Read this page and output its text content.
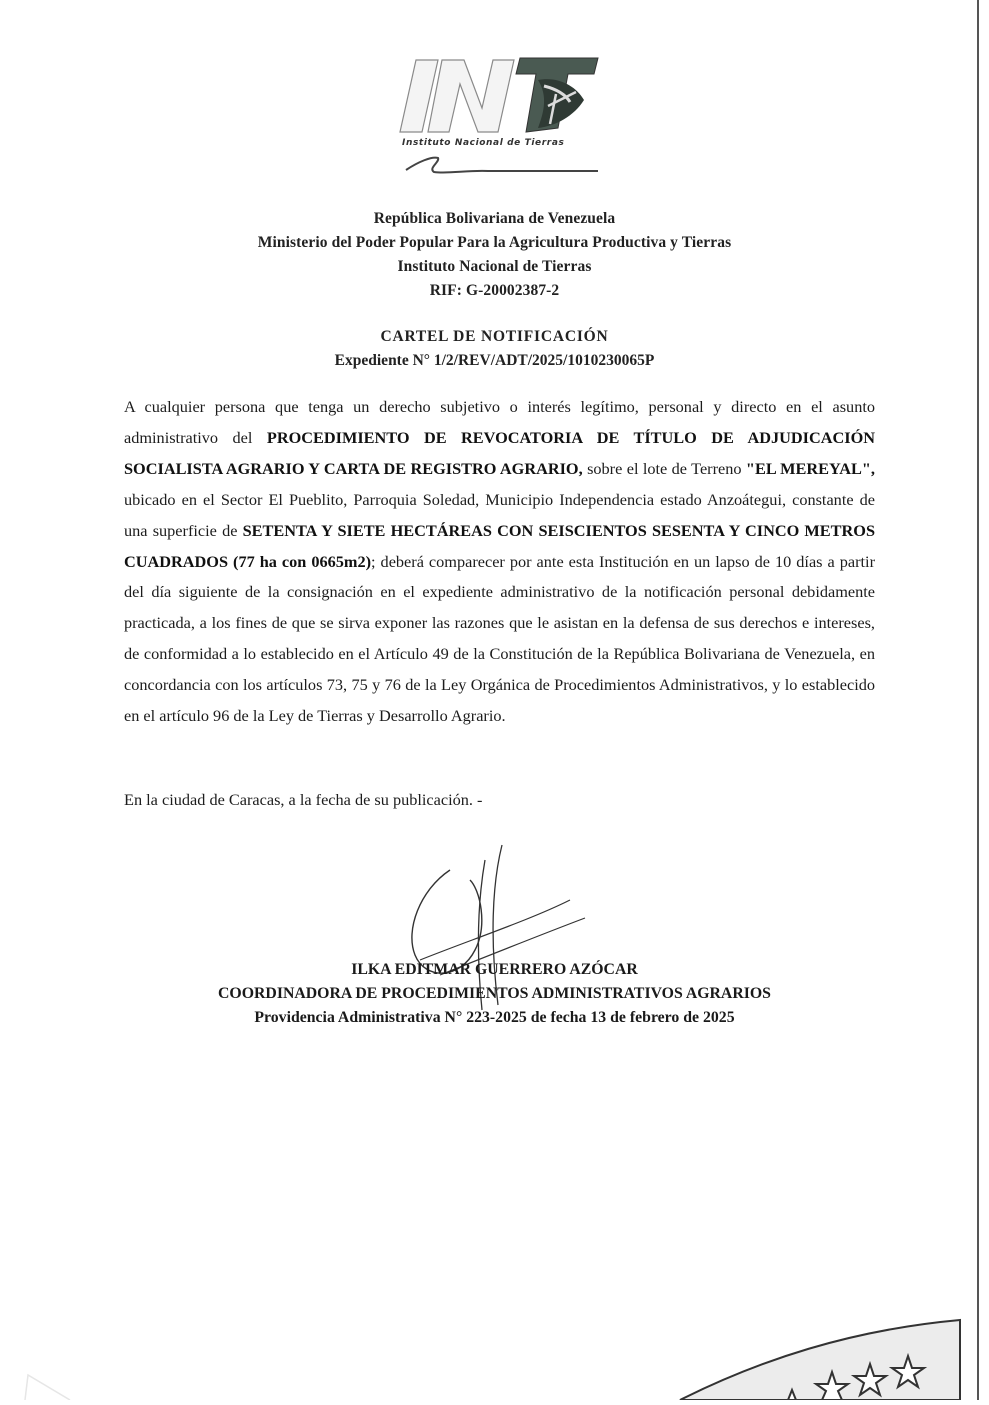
Instituto Nacional de Tierras
República Bolivariana de Venezuela
Ministerio del Poder Popular Para la Agricultura Productiva y Tierras
Instituto Nacional de Tierras
RIF: G-20002387-2
CARTEL DE NOTIFICACIÓN
Expediente N° 1/2/REV/ADT/2025/1010230065P
A cualquier persona que tenga un derecho subjetivo o interés legítimo, personal y directo en el asunto administrativo del PROCEDIMIENTO DE REVOCATORIA DE TÍTULO DE ADJUDICACIÓN SOCIALISTA AGRARIO Y CARTA DE REGISTRO AGRARIO, sobre el lote de Terreno "EL MEREYAL", ubicado en el Sector El Pueblito, Parroquia Soledad, Municipio Independencia estado Anzoátegui, constante de una superficie de SETENTA Y SIETE HECTÁREAS CON SEISCIENTOS SESENTA Y CINCO METROS CUADRADOS (77 ha con 0665m2); deberá comparecer por ante esta Institución en un lapso de 10 días a partir del día siguiente de la consignación en el expediente administrativo de la notificación personal debidamente practicada, a los fines de que se sirva exponer las razones que le asistan en la defensa de sus derechos e intereses, de conformidad a lo establecido en el Artículo 49 de la Constitución de la República Bolivariana de Venezuela, en concordancia con los artículos 73, 75 y 76 de la Ley Orgánica de Procedimientos Administrativos, y lo establecido en el artículo 96 de la Ley de Tierras y Desarrollo Agrario.
En la ciudad de Caracas, a la fecha de su publicación. -
ILKA EDITMAR GUERRERO AZÓCAR
COORDINADORA DE PROCEDIMIENTOS ADMINISTRATIVOS AGRARIOS
Providencia Administrativa N° 223-2025 de fecha 13 de febrero de 2025
